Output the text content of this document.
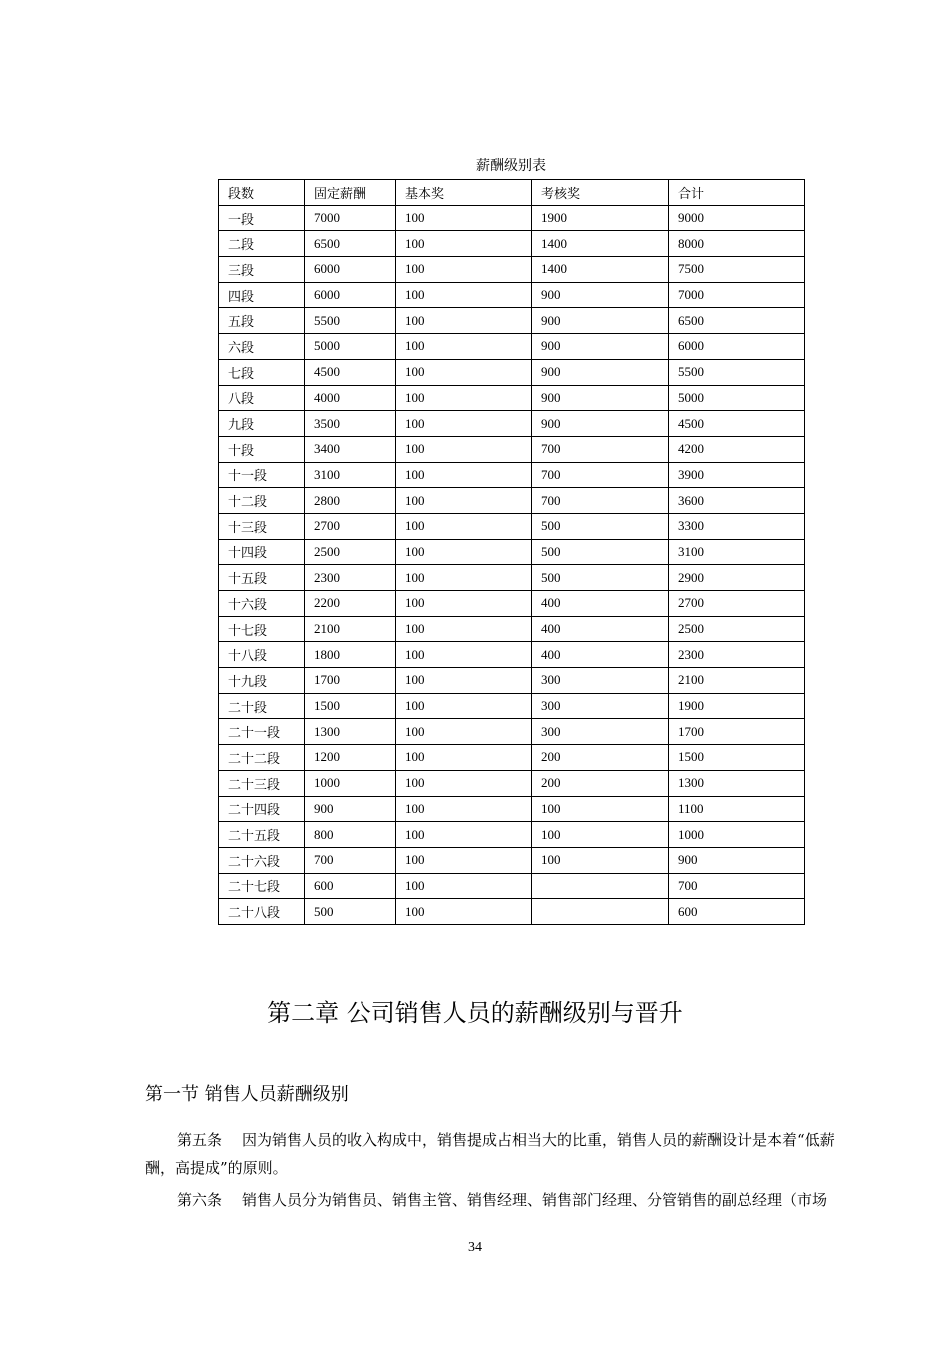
薪酬级别表
段数	固定薪酬	基本奖	考核奖	合计
一段	7000	100	1900	9000
二段	6500	100	1400	8000
三段	6000	100	1400	7500
四段	6000	100	900	7000
五段	5500	100	900	6500
六段	5000	100	900	6000
七段	4500	100	900	5500
八段	4000	100	900	5000
九段	3500	100	900	4500
十段	3400	100	700	4200
十一段	3100	100	700	3900
十二段	2800	100	700	3600
十三段	2700	100	500	3300
十四段	2500	100	500	3100
十五段	2300	100	500	2900
十六段	2200	100	400	2700
十七段	2100	100	400	2500
十八段	1800	100	400	2300
十九段	1700	100	300	2100
二十段	1500	100	300	1900
二十一段	1300	100	300	1700
二十二段	1200	100	200	1500
二十三段	1000	100	200	1300
二十四段	900	100	100	1100
二十五段	800	100	100	1000
二十六段	700	100	100	900
二十七段	600	100		700
二十八段	500	100		600
第二章 公司销售人员的薪酬级别与晋升
第一节 销售人员薪酬级别
第五条 因为销售人员的收入构成中，销售提成占相当大的比重，销售人员的薪酬设计是本着“低薪酬，高提成”的原则。
第六条 销售人员分为销售员、销售主管、销售经理、销售部门经理、分管销售的副总经理（市场
34
